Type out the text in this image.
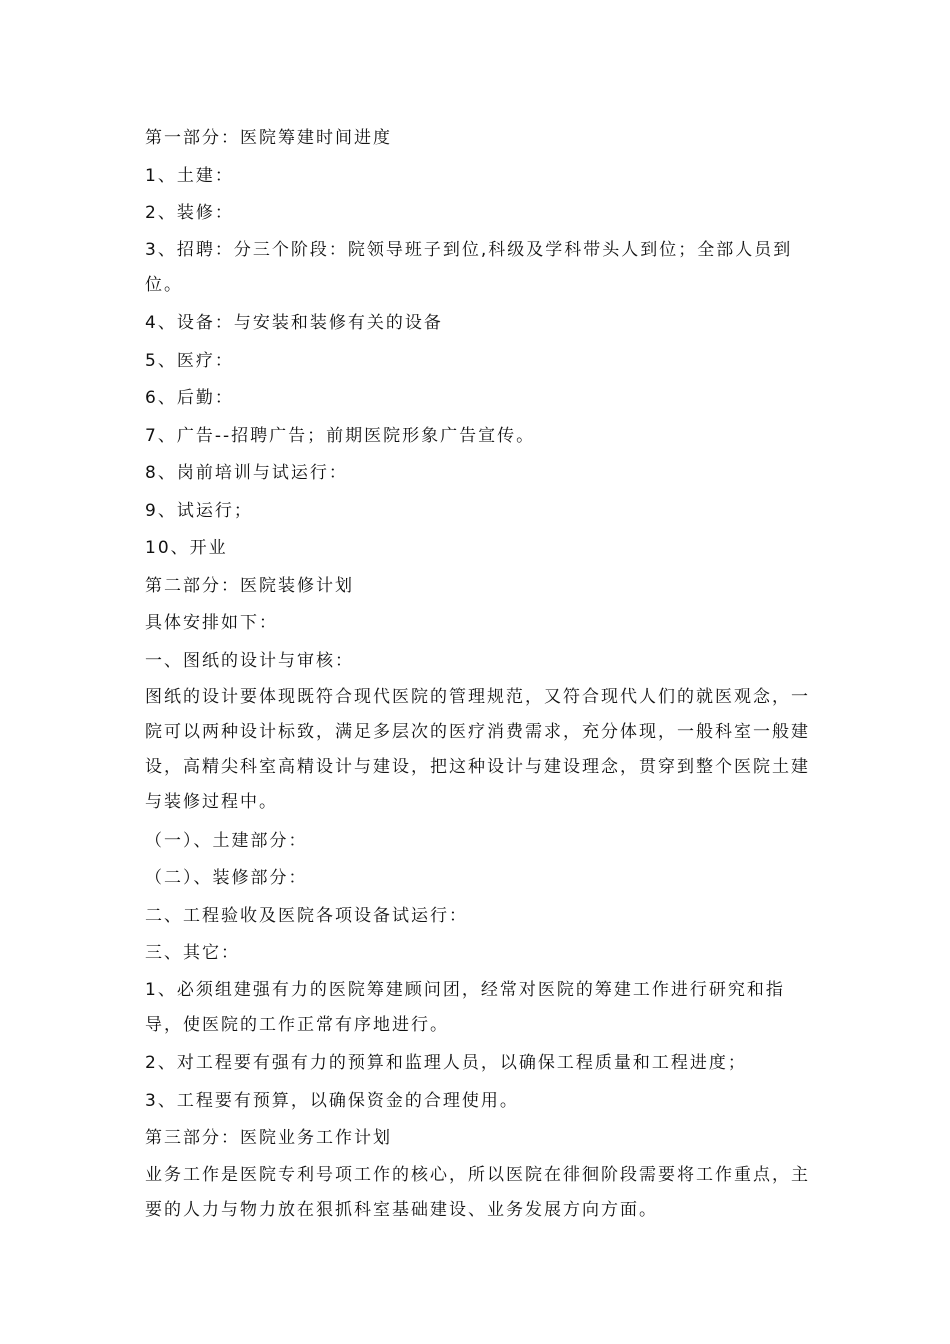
第一部分：医院筹建时间进度

1、土建：

2、装修：

3、招聘：分三个阶段：院领导班子到位,科级及学科带头人到位；全部人员到位。

4、设备：与安装和装修有关的设备

5、医疗：

6、后勤：

7、广告--招聘广告；前期医院形象广告宣传。

8、岗前培训与试运行：

9、试运行；

10、开业

第二部分：医院装修计划

具体安排如下：

一、图纸的设计与审核：

图纸的设计要体现既符合现代医院的管理规范，又符合现代人们的就医观念，一院可以两种设计标致，满足多层次的医疗消费需求，充分体现，一般科室一般建设，高精尖科室高精设计与建设，把这种设计与建设理念，贯穿到整个医院土建与装修过程中。

（一）、土建部分：

（二）、装修部分：

二、工程验收及医院各项设备试运行：

三、其它：

1、必须组建强有力的医院筹建顾问团，经常对医院的筹建工作进行研究和指导，使医院的工作正常有序地进行。

2、对工程要有强有力的预算和监理人员，以确保工程质量和工程进度；

3、工程要有预算，以确保资金的合理使用。

第三部分：医院业务工作计划

业务工作是医院专利号项工作的核心，所以医院在徘徊阶段需要将工作重点，主要的人力与物力放在狠抓科室基础建设、业务发展方向方面。
